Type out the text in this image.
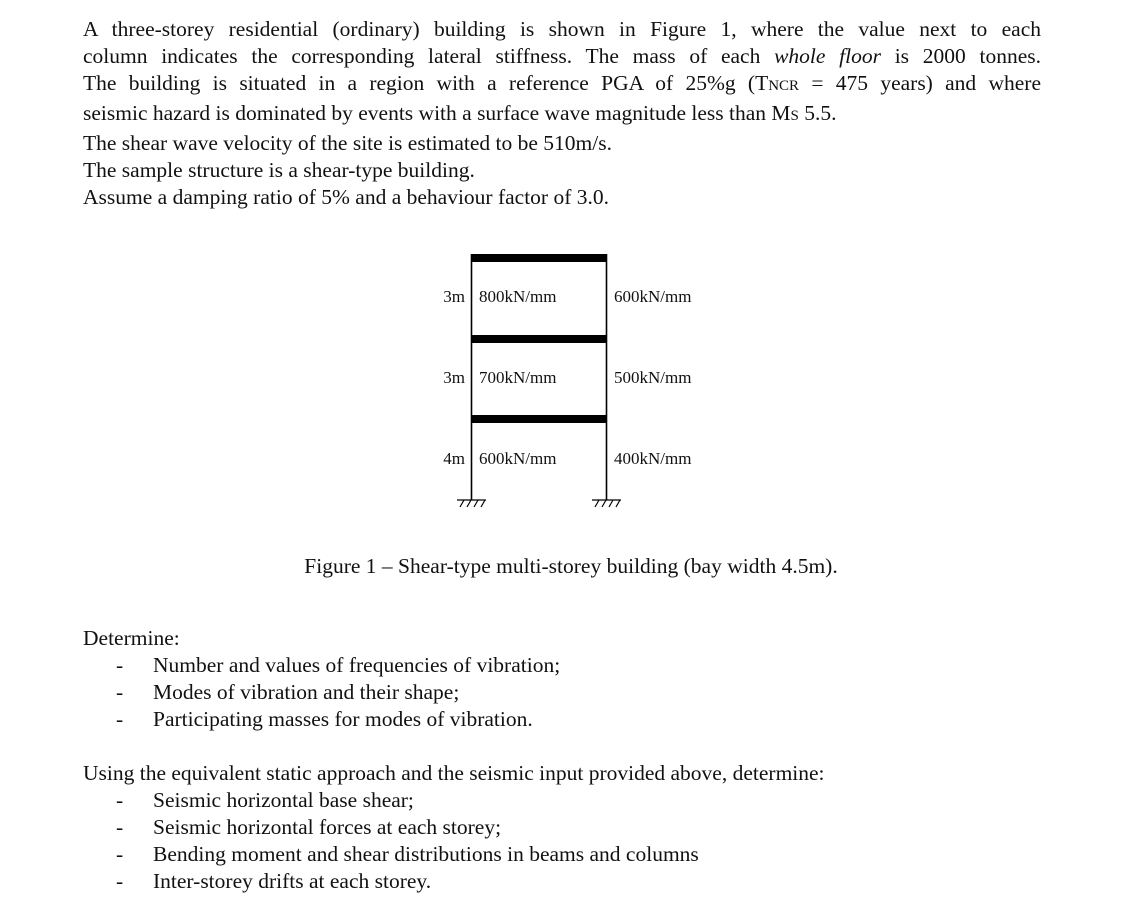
A three-storey residential (ordinary) building is shown in Figure 1, where the value next to each

column indicates the corresponding lateral stiffness. The mass of each whole floor is 2000 tonnes.

The building is situated in a region with a reference PGA of 25%g (TNCR = 475 years) and where

seismic hazard is dominated by events with a surface wave magnitude less than MS 5.5.

The shear wave velocity of the site is estimated to be 510m/s.

The sample structure is a shear-type building.

Assume a damping ratio of 5% and a behaviour factor of 3.0.

3m 800kN/mm	600kN/mm
3m 700kN/mm	500kN/mm
4m 600kN/mm	400kN/mm

Figure 1 – Shear-type multi-storey building (bay width 4.5m).

Determine:

- Number and values of frequencies of vibration;
- Modes of vibration and their shape;
- Participating masses for modes of vibration.

Using the equivalent static approach and the seismic input provided above, determine:

- Seismic horizontal base shear;
- Seismic horizontal forces at each storey;
- Bending moment and shear distributions in beams and columns
- Inter-storey drifts at each storey.
